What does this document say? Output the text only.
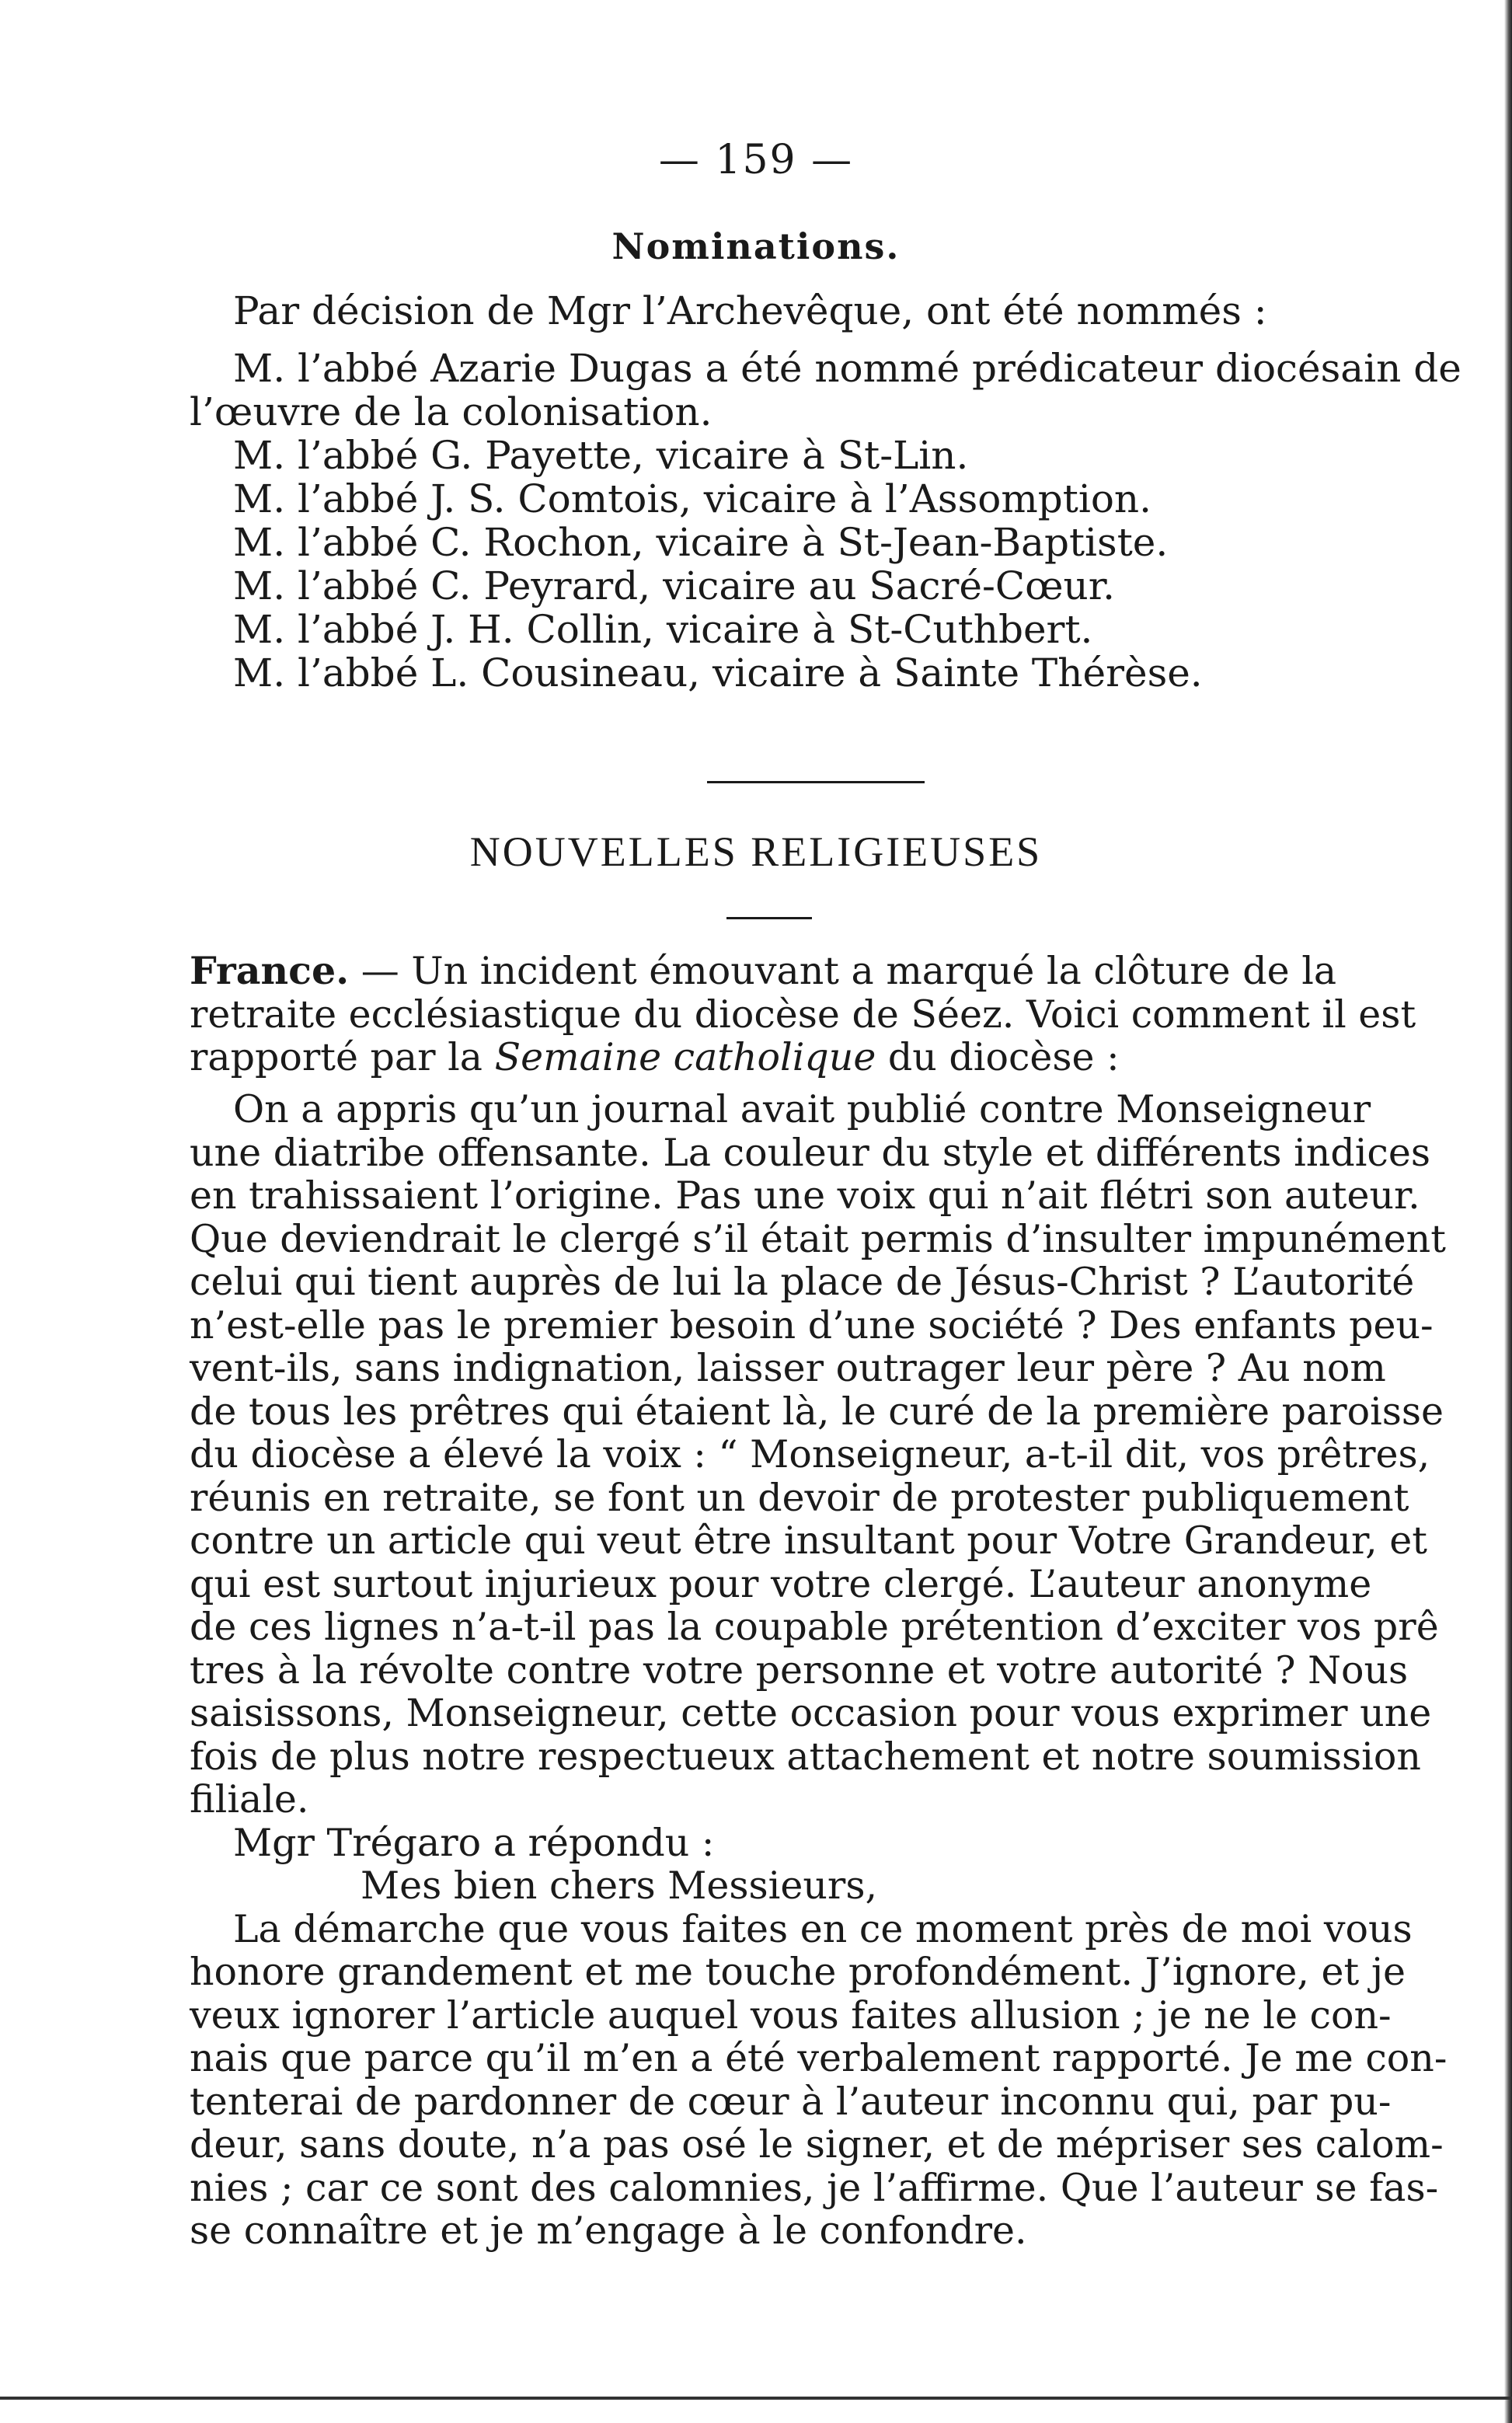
— 159 —
Nominations.
Par décision de Mgr l’Archevêque, ont été nommés :
M. l’abbé Azarie Dugas a été nommé prédicateur diocésain de
l’œuvre de la colonisation.
M. l’abbé G. Payette, vicaire à St-Lin.
M. l’abbé J. S. Comtois, vicaire à l’Assomption.
M. l’abbé C. Rochon, vicaire à St-Jean-Baptiste.
M. l’abbé C. Peyrard, vicaire au Sacré-Cœur.
M. l’abbé J. H. Collin, vicaire à St-Cuthbert.
M. l’abbé L. Cousineau, vicaire à Sainte Thérèse.
NOUVELLES RELIGIEUSES
France. — Un incident émouvant a marqué la clôture de la
retraite ecclésiastique du diocèse de Séez. Voici comment il est
rapporté par la Semaine catholique du diocèse :
On a appris qu’un journal avait publié contre Monseigneur
une diatribe offensante. La couleur du style et différents indices
en trahissaient l’origine. Pas une voix qui n’ait flétri son auteur.
Que deviendrait le clergé s’il était permis d’insulter impunément
celui qui tient auprès de lui la place de Jésus-Christ ? L’autorité
n’est-elle pas le premier besoin d’une société ? Des enfants peu-
vent-ils, sans indignation, laisser outrager leur père ? Au nom
de tous les prêtres qui étaient là, le curé de la première paroisse
du diocèse a élevé la voix : “ Monseigneur, a-t-il dit, vos prêtres,
réunis en retraite, se font un devoir de protester publiquement
contre un article qui veut être insultant pour Votre Grandeur, et
qui est surtout injurieux pour votre clergé. L’auteur anonyme
de ces lignes n’a-t-il pas la coupable prétention d’exciter vos prê
tres à la révolte contre votre personne et votre autorité ? Nous
saisissons, Monseigneur, cette occasion pour vous exprimer une
fois de plus notre respectueux attachement et notre soumission
filiale.
Mgr Trégaro a répondu :
Mes bien chers Messieurs,
La démarche que vous faites en ce moment près de moi vous
honore grandement et me touche profondément. J’ignore, et je
veux ignorer l’article auquel vous faites allusion ; je ne le con-
nais que parce qu’il m’en a été verbalement rapporté. Je me con-
tenterai de pardonner de cœur à l’auteur inconnu qui, par pu-
deur, sans doute, n’a pas osé le signer, et de mépriser ses calom-
nies ; car ce sont des calomnies, je l’affirme. Que l’auteur se fas-
se connaître et je m’engage à le confondre.
